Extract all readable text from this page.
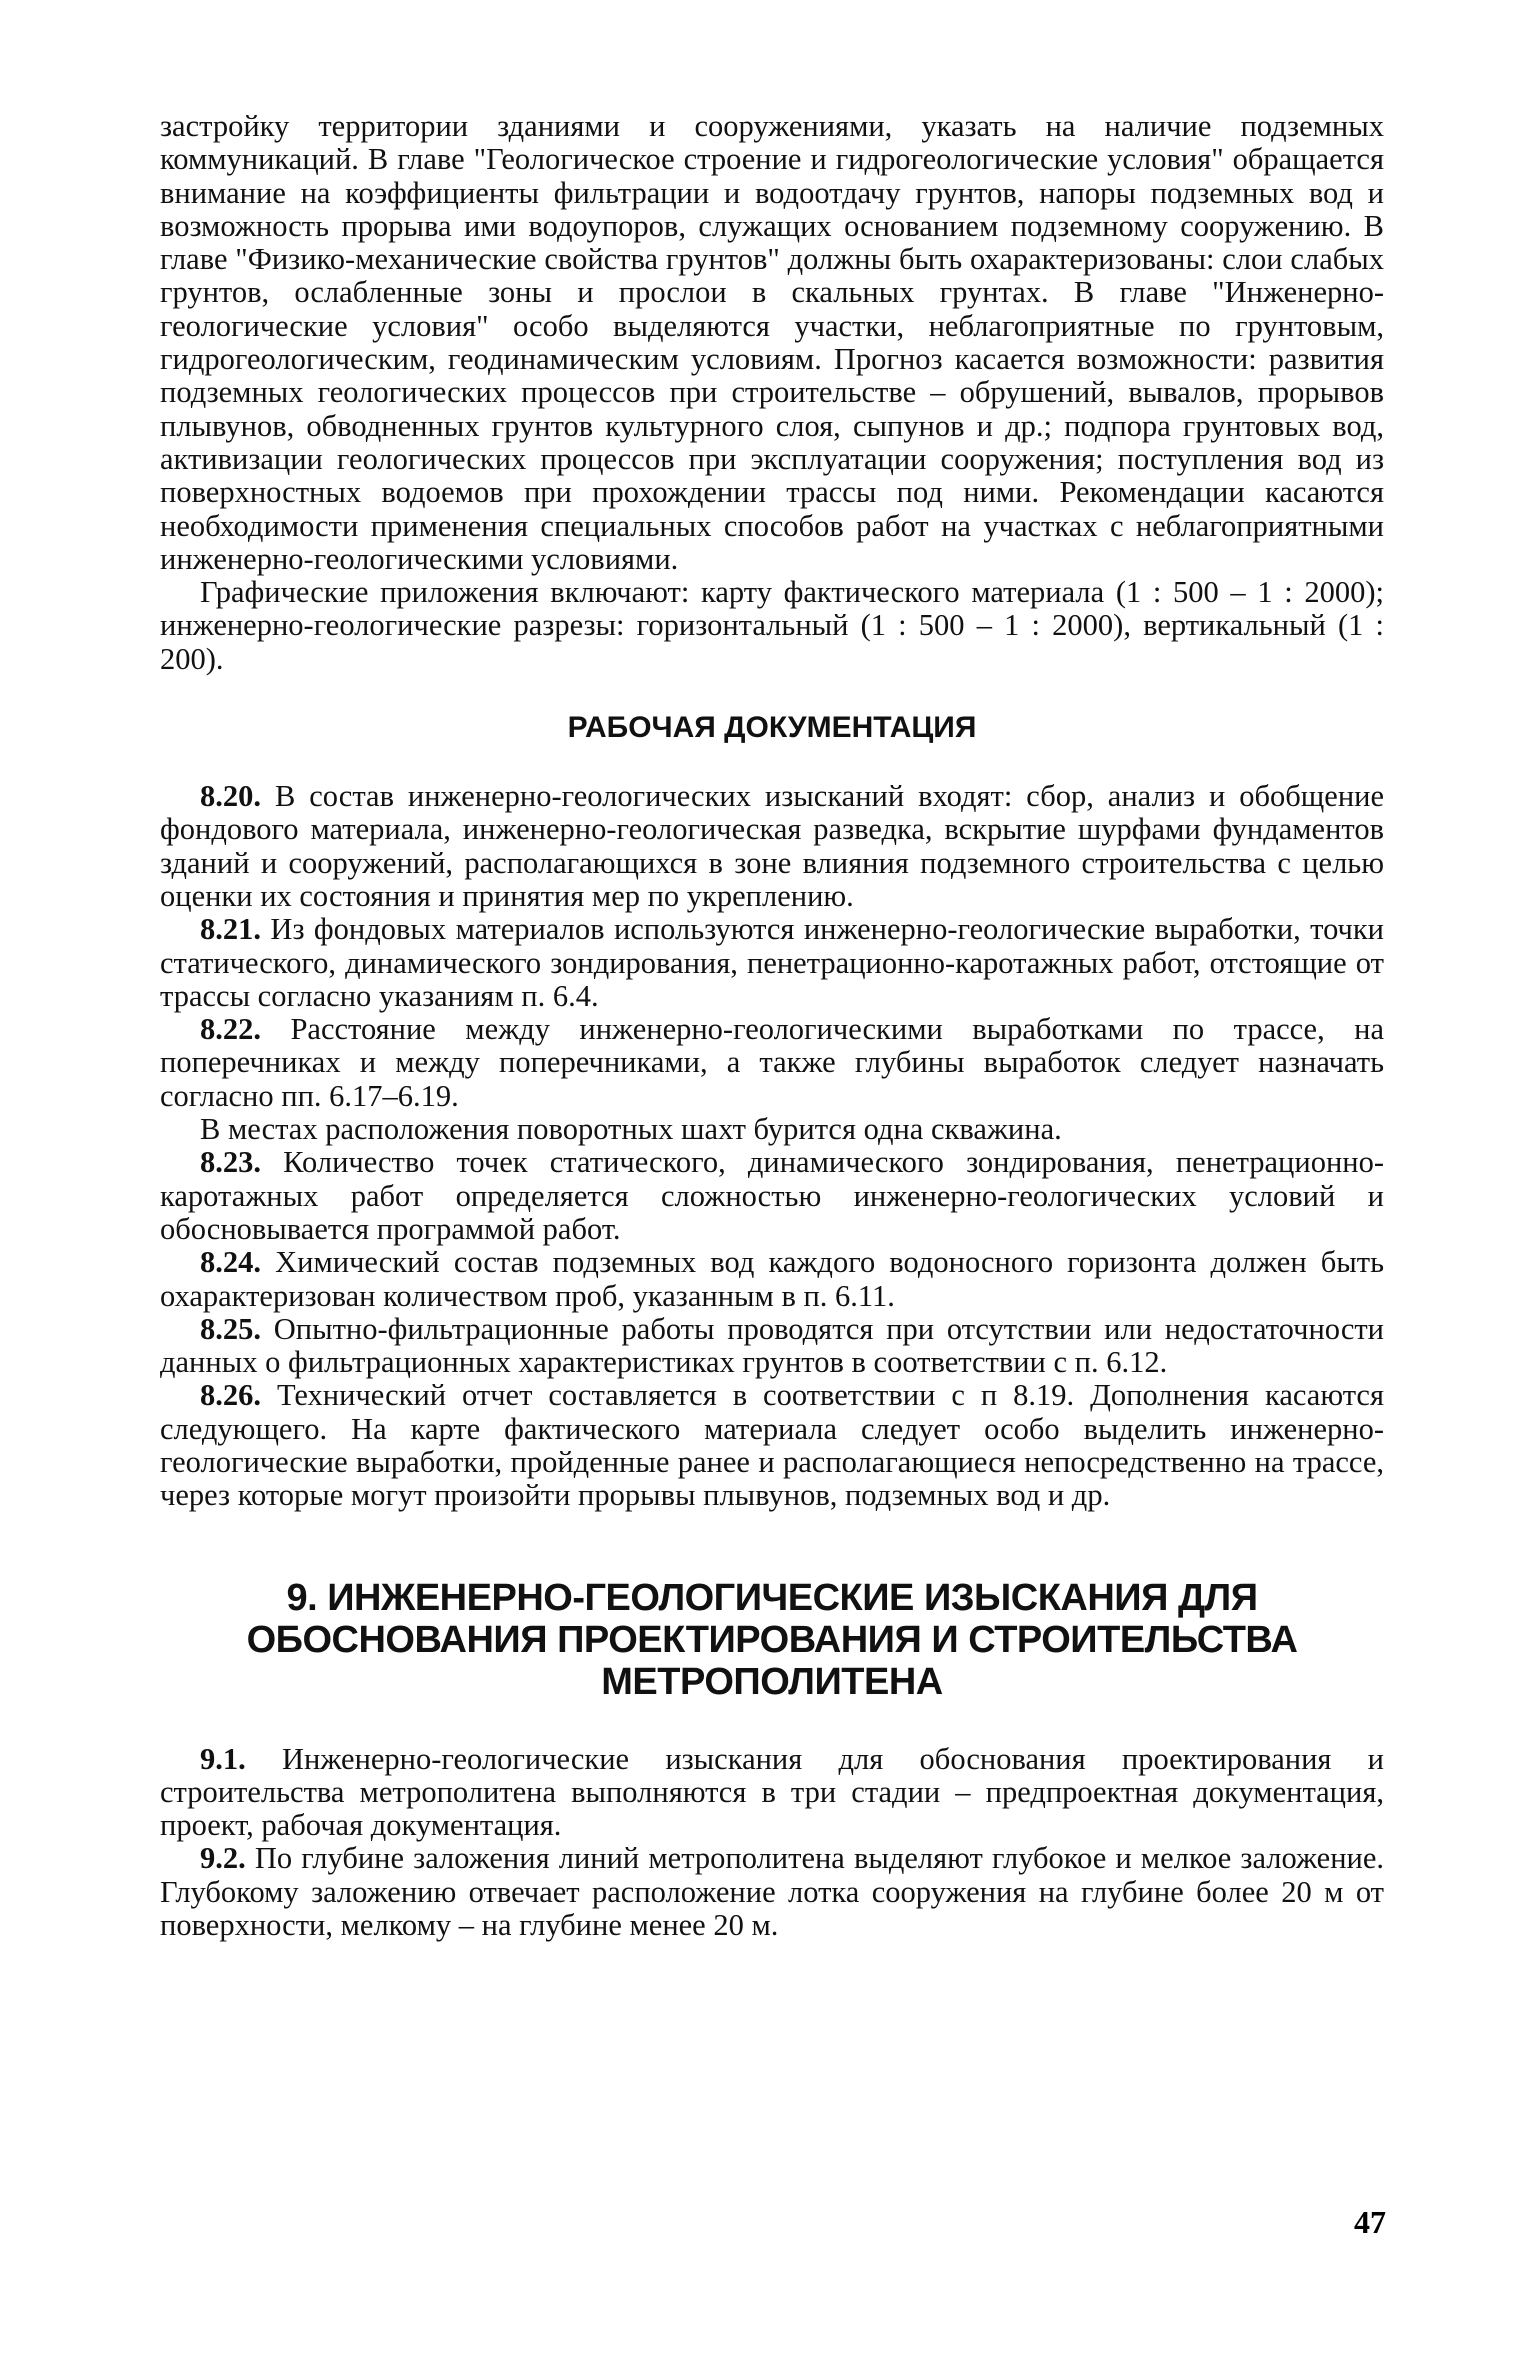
застройку территории зданиями и сооружениями, указать на наличие подземных коммуникаций. В главе "Геологическое строение и гидрогеологические условия" обращается внимание на коэффициенты фильтрации и водоотдачу грунтов, напоры подземных вод и возможность прорыва ими водоупоров, служащих основанием подземному сооружению. В главе "Физико-механические свойства грунтов" должны быть охарактеризованы: слои слабых грунтов, ослабленные зоны и прослои в скальных грунтах. В главе "Инженерно-геологические условия" особо выделяются участки, неблагоприятные по грунтовым, гидрогеологическим, геодинамическим условиям. Прогноз касается возможности: развития подземных геологических процессов при строительстве – обрушений, вывалов, прорывов плывунов, обводненных грунтов культурного слоя, сыпунов и др.; подпора грунтовых вод, активизации геологических процессов при эксплуатации сооружения; поступления вод из поверхностных водоемов при прохождении трассы под ними. Рекомендации касаются необходимости применения специальных способов работ на участках с неблагоприятными инженерно-геологическими условиями.

Графические приложения включают: карту фактического материала (1 : 500 – 1 : 2000); инженерно-геологические разрезы: горизонтальный (1 : 500 – 1 : 2000), вертикальный (1 : 200).

РАБОЧАЯ ДОКУМЕНТАЦИЯ

8.20. В состав инженерно-геологических изысканий входят: сбор, анализ и обобщение фондового материала, инженерно-геологическая разведка, вскрытие шурфами фундаментов зданий и сооружений, располагающихся в зоне влияния подземного строительства с целью оценки их состояния и принятия мер по укреплению.

8.21. Из фондовых материалов используются инженерно-геологические выработки, точки статического, динамического зондирования, пенетрационно-каротажных работ, отстоящие от трассы согласно указаниям п. 6.4.

8.22. Расстояние между инженерно-геологическими выработками по трассе, на поперечниках и между поперечниками, а также глубины выработок следует назначать согласно пп. 6.17–6.19.

В местах расположения поворотных шахт бурится одна скважина.

8.23. Количество точек статического, динамического зондирования, пенетрационно-каротажных работ определяется сложностью инженерно-геологических условий и обосновывается программой работ.

8.24. Химический состав подземных вод каждого водоносного горизонта должен быть охарактеризован количеством проб, указанным в п. 6.11.

8.25. Опытно-фильтрационные работы проводятся при отсутствии или недостаточности данных о фильтрационных характеристиках грунтов в соответствии с п. 6.12.

8.26. Технический отчет составляется в соответствии с п 8.19. Дополнения касаются следующего. На карте фактического материала следует особо выделить инженерно-геологические выработки, пройденные ранее и располагающиеся непосредственно на трассе, через которые могут произойти прорывы плывунов, подземных вод и др.

9. ИНЖЕНЕРНО-ГЕОЛОГИЧЕСКИЕ ИЗЫСКАНИЯ ДЛЯ ОБОСНОВАНИЯ ПРОЕКТИРОВАНИЯ И СТРОИТЕЛЬСТВА МЕТРОПОЛИТЕНА

9.1. Инженерно-геологические изыскания для обоснования проектирования и строительства метрополитена выполняются в три стадии – предпроектная документация, проект, рабочая документация.

9.2. По глубине заложения линий метрополитена выделяют глубокое и мелкое заложение. Глубокому заложению отвечает расположение лотка сооружения на глубине более 20 м от поверхности, мелкому – на глубине менее 20 м.

47
